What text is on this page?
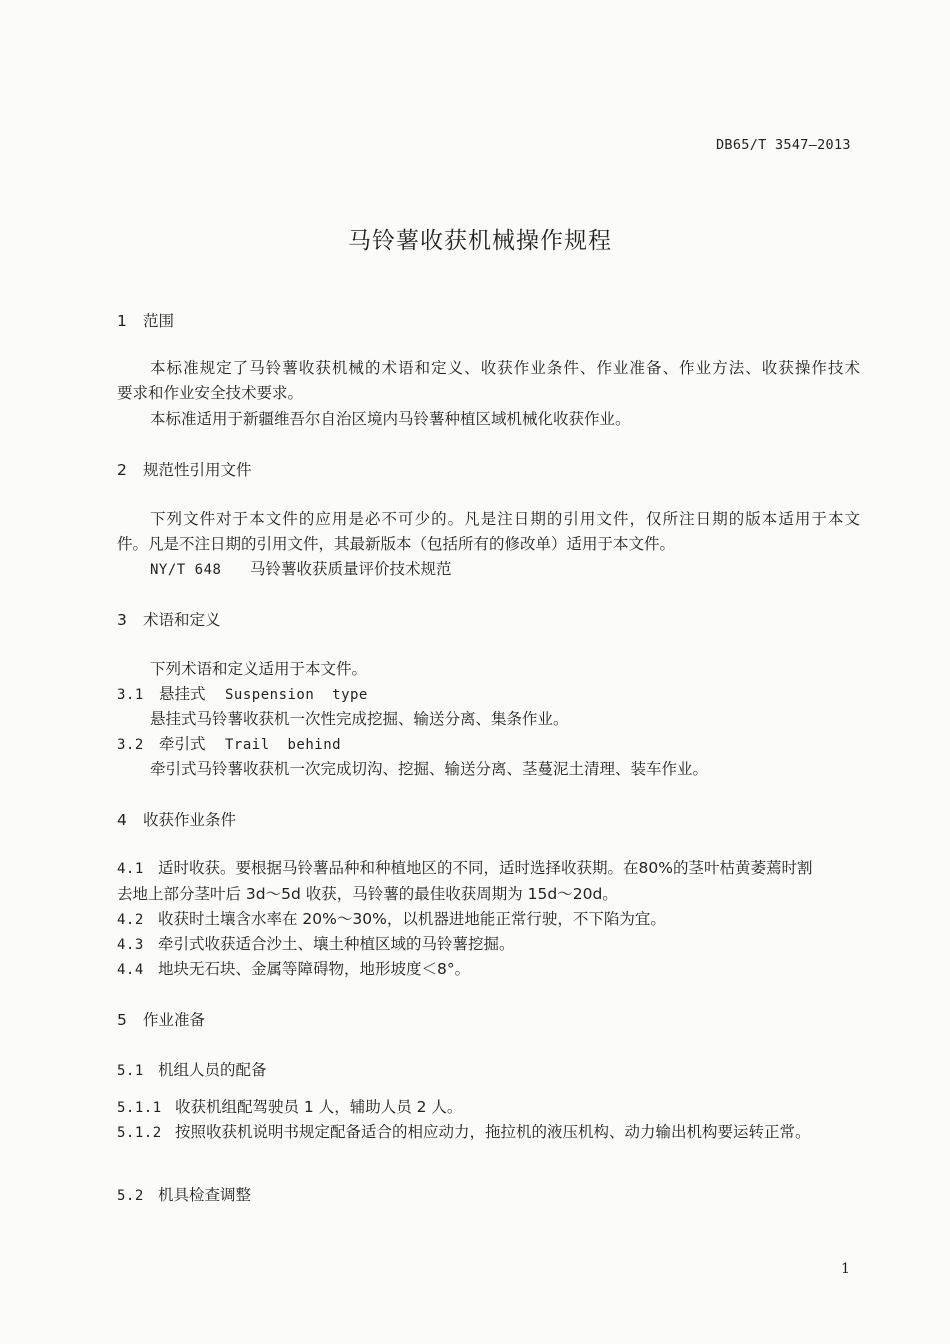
DB65/T 3547—2013
马铃薯收获机械操作规程
1 范围
本标准规定了马铃薯收获机械的术语和定义、收获作业条件、作业准备、作业方法、收获操作技术
要求和作业安全技术要求。
本标准适用于新疆维吾尔自治区境内马铃薯种植区域机械化收获作业。
2 规范性引用文件
下列文件对于本文件的应用是必不可少的。凡是注日期的引用文件，仅所注日期的版本适用于本文
件。凡是不注日期的引用文件，其最新版本（包括所有的修改单）适用于本文件。
NY/T 648 马铃薯收获质量评价技术规范
3 术语和定义
下列术语和定义适用于本文件。
3.1 悬挂式 Suspension  type
悬挂式马铃薯收获机一次性完成挖掘、输送分离、集条作业。
3.2 牵引式 Trail  behind
牵引式马铃薯收获机一次完成切沟、挖掘、输送分离、茎蔓泥土清理、装车作业。
4 收获作业条件
4.1 适时收获。要根据马铃薯品种和种植地区的不同，适时选择收获期。在80%的茎叶枯黄萎蔫时割
去地上部分茎叶后 3d～5d 收获，马铃薯的最佳收获周期为 15d～20d。
4.2 收获时土壤含水率在 20%～30%，以机器进地能正常行驶，不下陷为宜。
4.3 牵引式收获适合沙土、壤土种植区域的马铃薯挖掘。
4.4 地块无石块、金属等障碍物，地形坡度＜8°。
5 作业准备
5.1 机组人员的配备
5.1.1 收获机组配驾驶员 1 人，辅助人员 2 人。
5.1.2 按照收获机说明书规定配备适合的相应动力，拖拉机的液压机构、动力输出机构要运转正常。
5.2 机具检查调整
1
